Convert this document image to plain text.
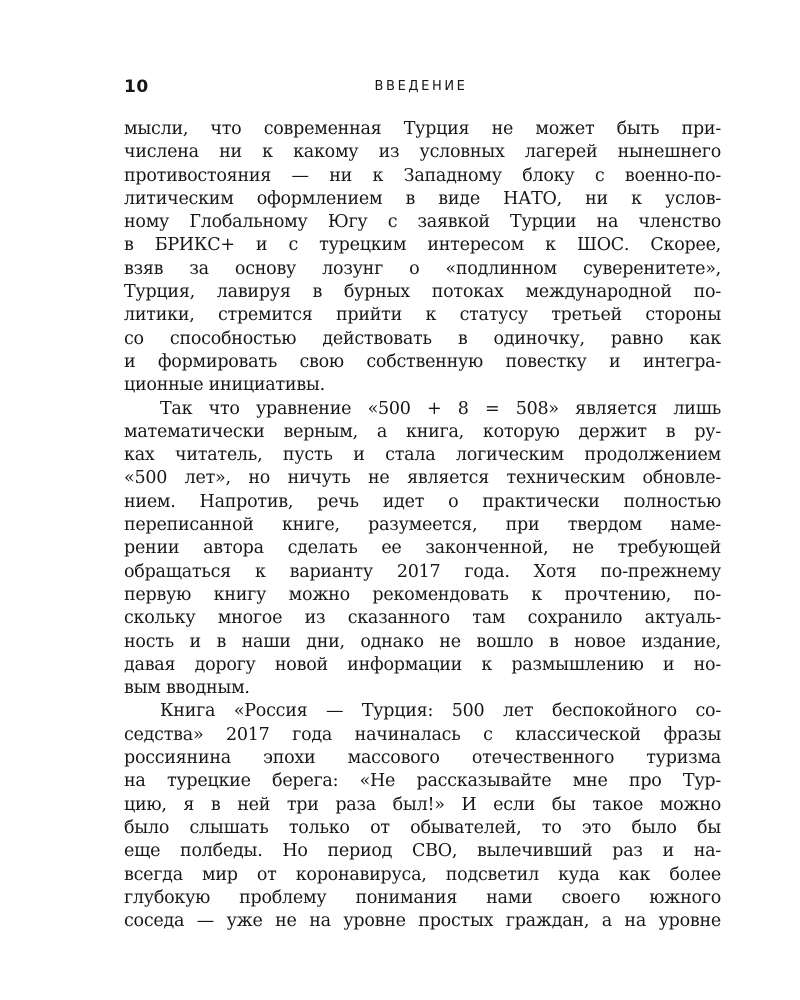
10	ВВЕДЕНИЕ
мысли, что современная Турция не может быть при-
числена ни к какому из условных лагерей нынешнего
противостояния — ни к Западному блоку с военно-по-
литическим оформлением в виде НАТО, ни к услов-
ному Глобальному Югу с заявкой Турции на членство
в БРИКС+ и с турецким интересом к ШОС. Скорее,
взяв за основу лозунг о «подлинном суверенитете»,
Турция, лавируя в бурных потоках международной по-
литики, стремится прийти к статусу третьей стороны
со способностью действовать в одиночку, равно как
и формировать свою собственную повестку и интегра-
ционные инициативы.
Так что уравнение «500 + 8 = 508» является лишь
математически верным, а книга, которую держит в ру-
ках читатель, пусть и стала логическим продолжением
«500 лет», но ничуть не является техническим обновле-
нием. Напротив, речь идет о практически полностью
переписанной книге, разумеется, при твердом наме-
рении автора сделать ее законченной, не требующей
обращаться к варианту 2017 года. Хотя по-прежнему
первую книгу можно рекомендовать к прочтению, по-
скольку многое из сказанного там сохранило актуаль-
ность и в наши дни, однако не вошло в новое издание,
давая дорогу новой информации к размышлению и но-
вым вводным.
Книга «Россия — Турция: 500 лет беспокойного со-
седства» 2017 года начиналась с классической фразы
россиянина эпохи массового отечественного туризма
на турецкие берега: «Не рассказывайте мне про Тур-
цию, я в ней три раза был!» И если бы такое можно
было слышать только от обывателей, то это было бы
еще полбеды. Но период СВО, вылечивший раз и на-
всегда мир от коронавируса, подсветил куда как более
глубокую проблему понимания нами своего южного
соседа — уже не на уровне простых граждан, а на уровне
